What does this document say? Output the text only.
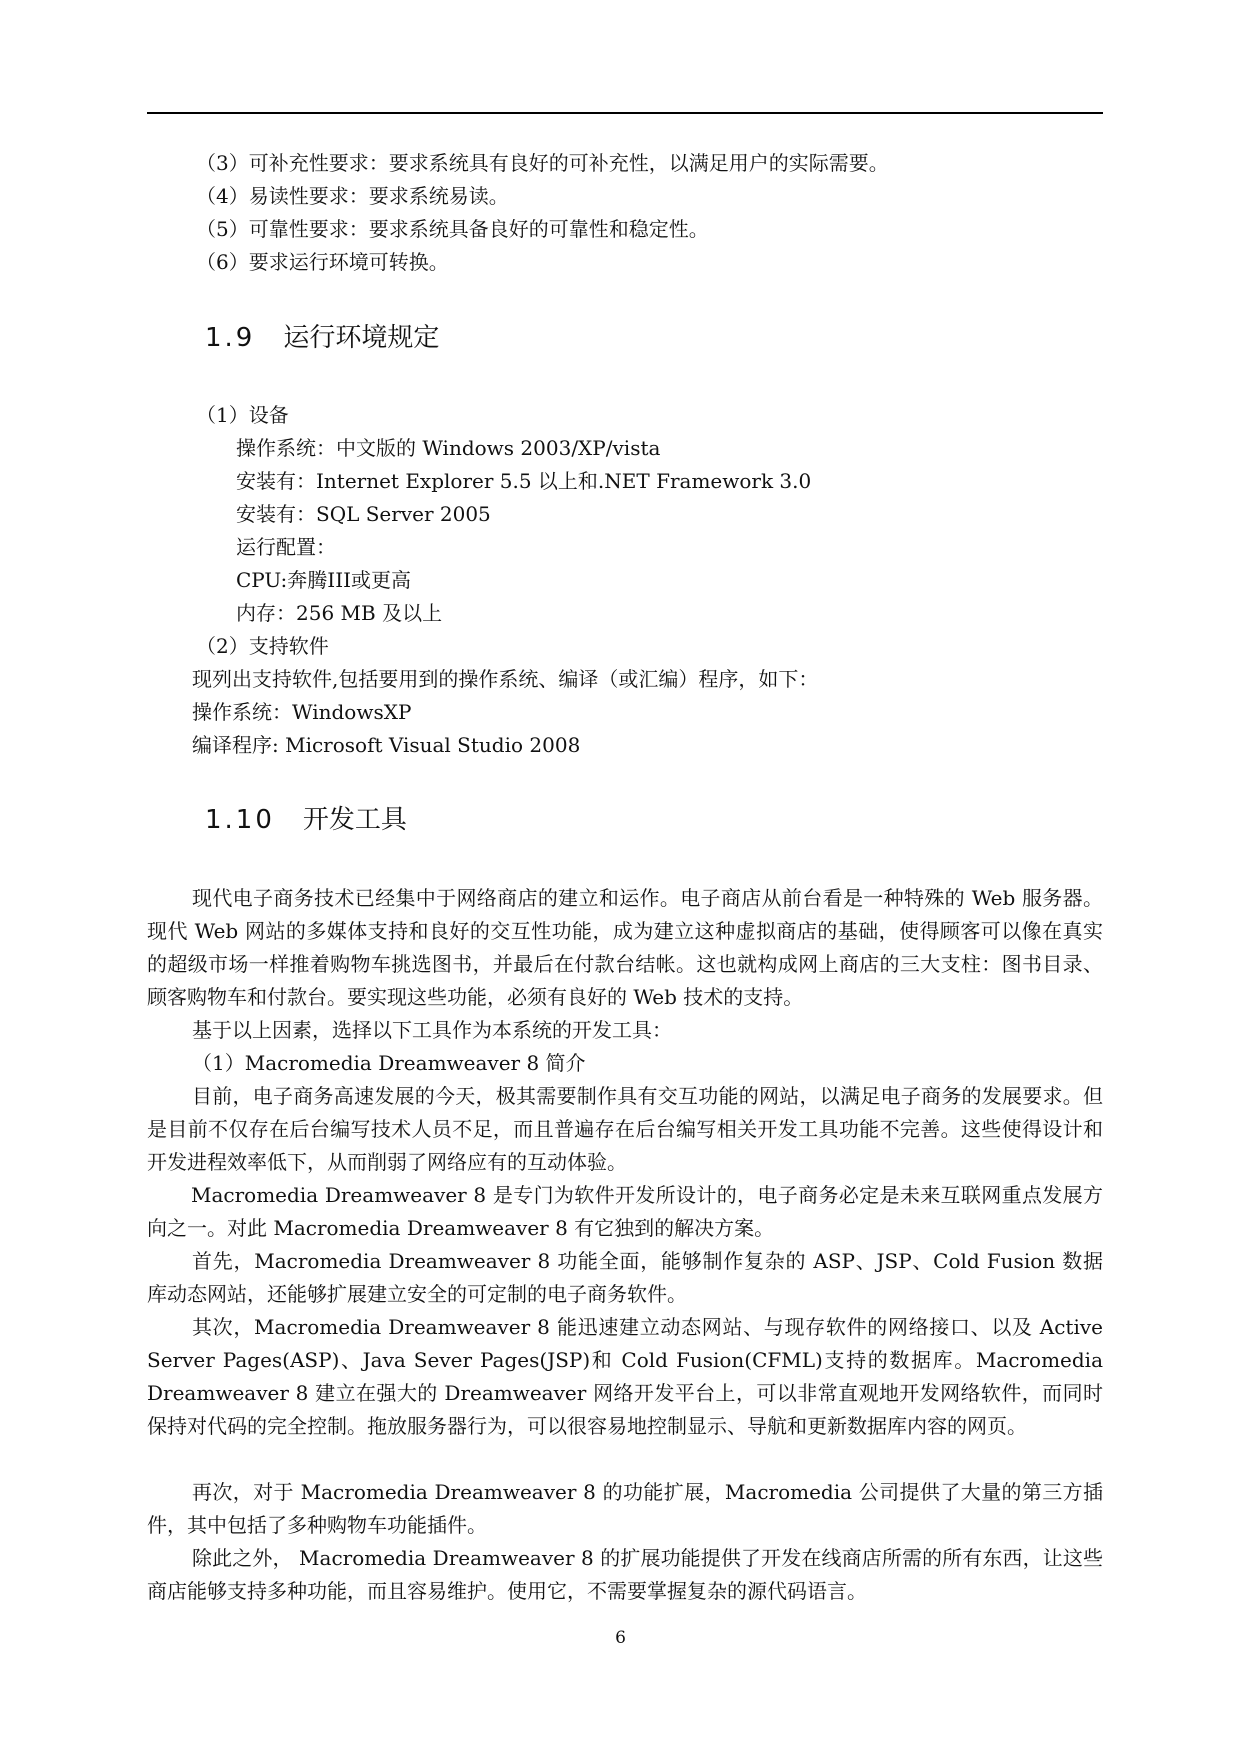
（3）可补充性要求：要求系统具有良好的可补充性，以满足用户的实际需要。
（4）易读性要求：要求系统易读。
（5）可靠性要求：要求系统具备良好的可靠性和稳定性。
（6）要求运行环境可转换。
1.9 运行环境规定
（1）设备
操作系统：中文版的 Windows 2003/XP/vista
安装有：Internet Explorer 5.5 以上和.NET Framework 3.0
安装有：SQL Server 2005
运行配置：
CPU:奔腾III或更高
内存：256 MB 及以上
（2）支持软件
现列出支持软件,包括要用到的操作系统、编译（或汇编）程序，如下：
操作系统：WindowsXP
编译程序: Microsoft Visual Studio 2008
1.10 开发工具
现代电子商务技术已经集中于网络商店的建立和运作。电子商店从前台看是一种特殊的 Web 服务器。现代 Web 网站的多媒体支持和良好的交互性功能，成为建立这种虚拟商店的基础，使得顾客可以像在真实的超级市场一样推着购物车挑选图书，并最后在付款台结帐。这也就构成网上商店的三大支柱：图书目录、顾客购物车和付款台。要实现这些功能，必须有良好的 Web 技术的支持。
基于以上因素，选择以下工具作为本系统的开发工具：
（1）Macromedia Dreamweaver 8 简介
目前，电子商务高速发展的今天，极其需要制作具有交互功能的网站，以满足电子商务的发展要求。但是目前不仅存在后台编写技术人员不足，而且普遍存在后台编写相关开发工具功能不完善。这些使得设计和开发进程效率低下，从而削弱了网络应有的互动体验。
Macromedia Dreamweaver 8 是专门为软件开发所设计的，电子商务必定是未来互联网重点发展方向之一。对此 Macromedia Dreamweaver 8 有它独到的解决方案。
首先，Macromedia Dreamweaver 8 功能全面，能够制作复杂的 ASP、JSP、Cold Fusion 数据库动态网站，还能够扩展建立安全的可定制的电子商务软件。
其次，Macromedia Dreamweaver 8 能迅速建立动态网站、与现存软件的网络接口、以及 Active Server Pages(ASP)、Java Sever Pages(JSP)和 Cold Fusion(CFML)支持的数据库。Macromedia Dreamweaver 8 建立在强大的 Dreamweaver 网络开发平台上，可以非常直观地开发网络软件，而同时保持对代码的完全控制。拖放服务器行为，可以很容易地控制显示、导航和更新数据库内容的网页。
再次，对于 Macromedia Dreamweaver 8 的功能扩展，Macromedia 公司提供了大量的第三方插件，其中包括了多种购物车功能插件。
除此之外， Macromedia Dreamweaver 8 的扩展功能提供了开发在线商店所需的所有东西，让这些商店能够支持多种功能，而且容易维护。使用它，不需要掌握复杂的源代码语言。
6
